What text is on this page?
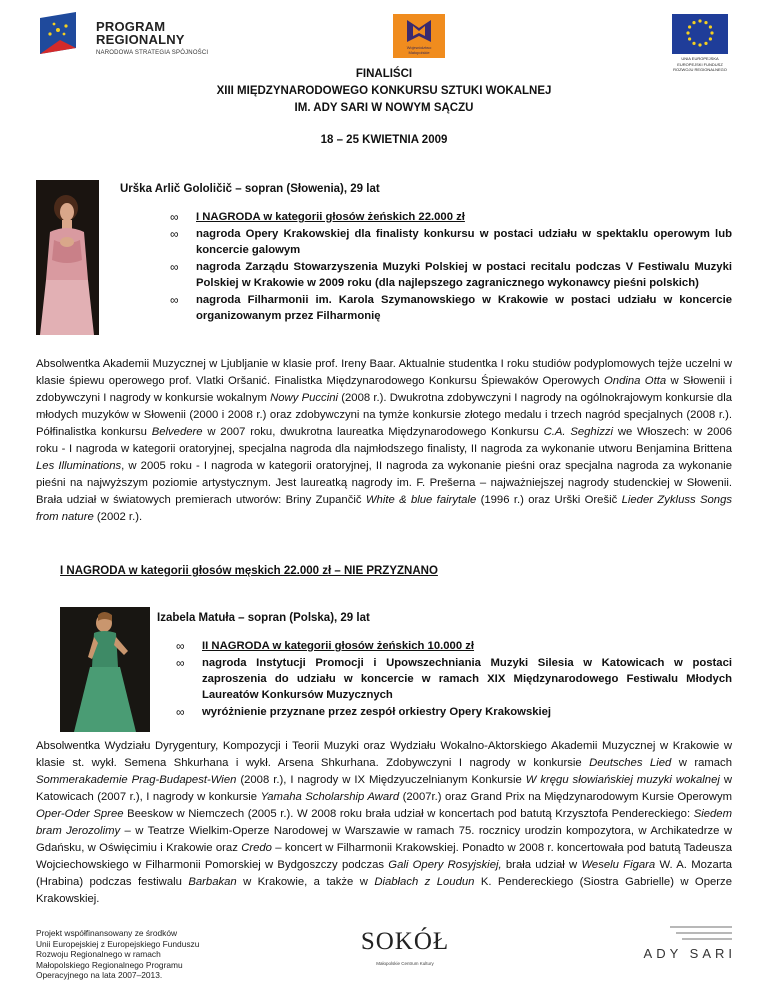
PROGRAM
REGIONALNY
NARODOWA STRATEGIA SPÓJNOŚCI
Województwo Małopolskie
UNIA EUROPEJSKA
EUROPEJSKI FUNDUSZ
ROZWOJU REGIONALNEGO
FINALIŚCI
XIII MIĘDZYNARODOWEGO KONKURSU SZTUKI WOKALNEJ
IM. ADY SARI W NOWYM SĄCZU
18 – 25 KWIETNIA 2009
Urška Arlič Gololičič – sopran (Słowenia), 29 lat
∞ I NAGRODA w kategorii głosów żeńskich 22.000 zł
∞ nagroda Opery Krakowskiej dla finalisty konkursu w postaci udziału w spektaklu operowym lub koncercie galowym
∞ nagroda Zarządu Stowarzyszenia Muzyki Polskiej w postaci recitalu podczas V Festiwalu Muzyki Polskiej w Krakowie w 2009 roku (dla najlepszego zagranicznego wykonawcy pieśni polskich)
∞ nagroda Filharmonii im. Karola Szymanowskiego w Krakowie w postaci udziału w koncercie organizowanym przez Filharmonię
Absolwentka Akademii Muzycznej w Ljubljanie w klasie prof. Ireny Baar. Aktualnie studentka I roku studiów podyplomowych tejże uczelni w klasie śpiewu operowego prof. Vlatki Oršanić. Finalistka Międzynarodowego Konkursu Śpiewaków Operowych Ondina Otta w Słowenii i zdobywczyni I nagrody w konkursie wokalnym Nowy Puccini (2008 r.). Dwukrotna zdobywczyni I nagrody na ogólnokrajowym konkursie dla młodych muzyków w Słowenii (2000 i 2008 r.) oraz zdobywczyni na tymże konkursie złotego medalu i trzech nagród specjalnych (2008 r.). Półfinalistka konkursu Belvedere w 2007 roku, dwukrotna laureatka Międzynarodowego Konkursu C.A. Seghizzi we Włoszech: w 2006 roku - I nagroda w kategorii oratoryjnej, specjalna nagroda dla najmłodszego finalisty, II nagroda za wykonanie utworu Benjamina Brittena Les Illuminations, w 2005 roku - I nagroda w kategorii oratoryjnej, II nagroda za wykonanie pieśni oraz specjalna nagroda za wykonanie pieśni na najwyższym poziomie artystycznym. Jest laureatką nagrody im. F. Prešerna – najważniejszej nagrody studenckiej w Słowenii. Brała udział w światowych premierach utworów: Briny Zupančič White & blue fairytale (1996 r.) oraz Urški Orešič Lieder Zykluss Songs from nature (2002 r.).
I NAGRODA w kategorii głosów męskich 22.000 zł – NIE PRZYZNANO
Izabela Matuła – sopran (Polska), 29 lat
∞ II NAGRODA w kategorii głosów żeńskich 10.000 zł
∞ nagroda Instytucji Promocji i Upowszechniania Muzyki Silesia w Katowicach w postaci zaproszenia do udziału w koncercie w ramach XIX Międzynarodowego Festiwalu Młodych Laureatów Konkursów Muzycznych
∞ wyróżnienie przyznane przez zespół orkiestry Opery Krakowskiej
Absolwentka Wydziału Dyrygentury, Kompozycji i Teorii Muzyki oraz Wydziału Wokalno-Aktorskiego Akademii Muzycznej w Krakowie w klasie st. wykł. Semena Shkurhana i wykł. Arsena Shkurhana. Zdobywczyni I nagrody w konkursie Deutsches Lied w ramach Sommerakademie Prag-Budapest-Wien (2008 r.), I nagrody w IX Międzyuczelnianym Konkursie W kręgu słowiańskiej muzyki wokalnej w Katowicach (2007 r.), I nagrody w konkursie Yamaha Scholarship Award (2007r.) oraz Grand Prix na Międzynarodowym Kursie Operowym Oper-Oder Spree Beeskow w Niemczech (2005 r.). W 2008 roku brała udział w koncertach pod batutą Krzysztofa Pendereckiego: Siedem bram Jerozolimy – w Teatrze Wielkim-Operze Narodowej w Warszawie w ramach 75. rocznicy urodzin kompozytora, w Archikatedrze w Gdańsku, w Oświęcimiu i Krakowie oraz Credo – koncert w Filharmonii Krakowskiej. Ponadto w 2008 r. koncertowała pod batutą Tadeusza Wojciechowskiego w Filharmonii Pomorskiej w Bydgoszczy podczas Gali Opery Rosyjskiej, brała udział w Weselu Figara W. A. Mozarta (Hrabina) podczas festiwalu Barbakan w Krakowie, a także w Diabłach z Loudun K. Pendereckiego (Siostra Gabrielle) w Operze Krakowskiej.
Projekt współfinansowany ze środków
Unii Europejskiej z Europejskiego Funduszu
Rozwoju Regionalnego w ramach
Małopolskiego Regionalnego Programu
Operacyjnego na lata 2007–2013.
SOKÓŁ
Małopolskie Centrum Kultury
ADY SARI
